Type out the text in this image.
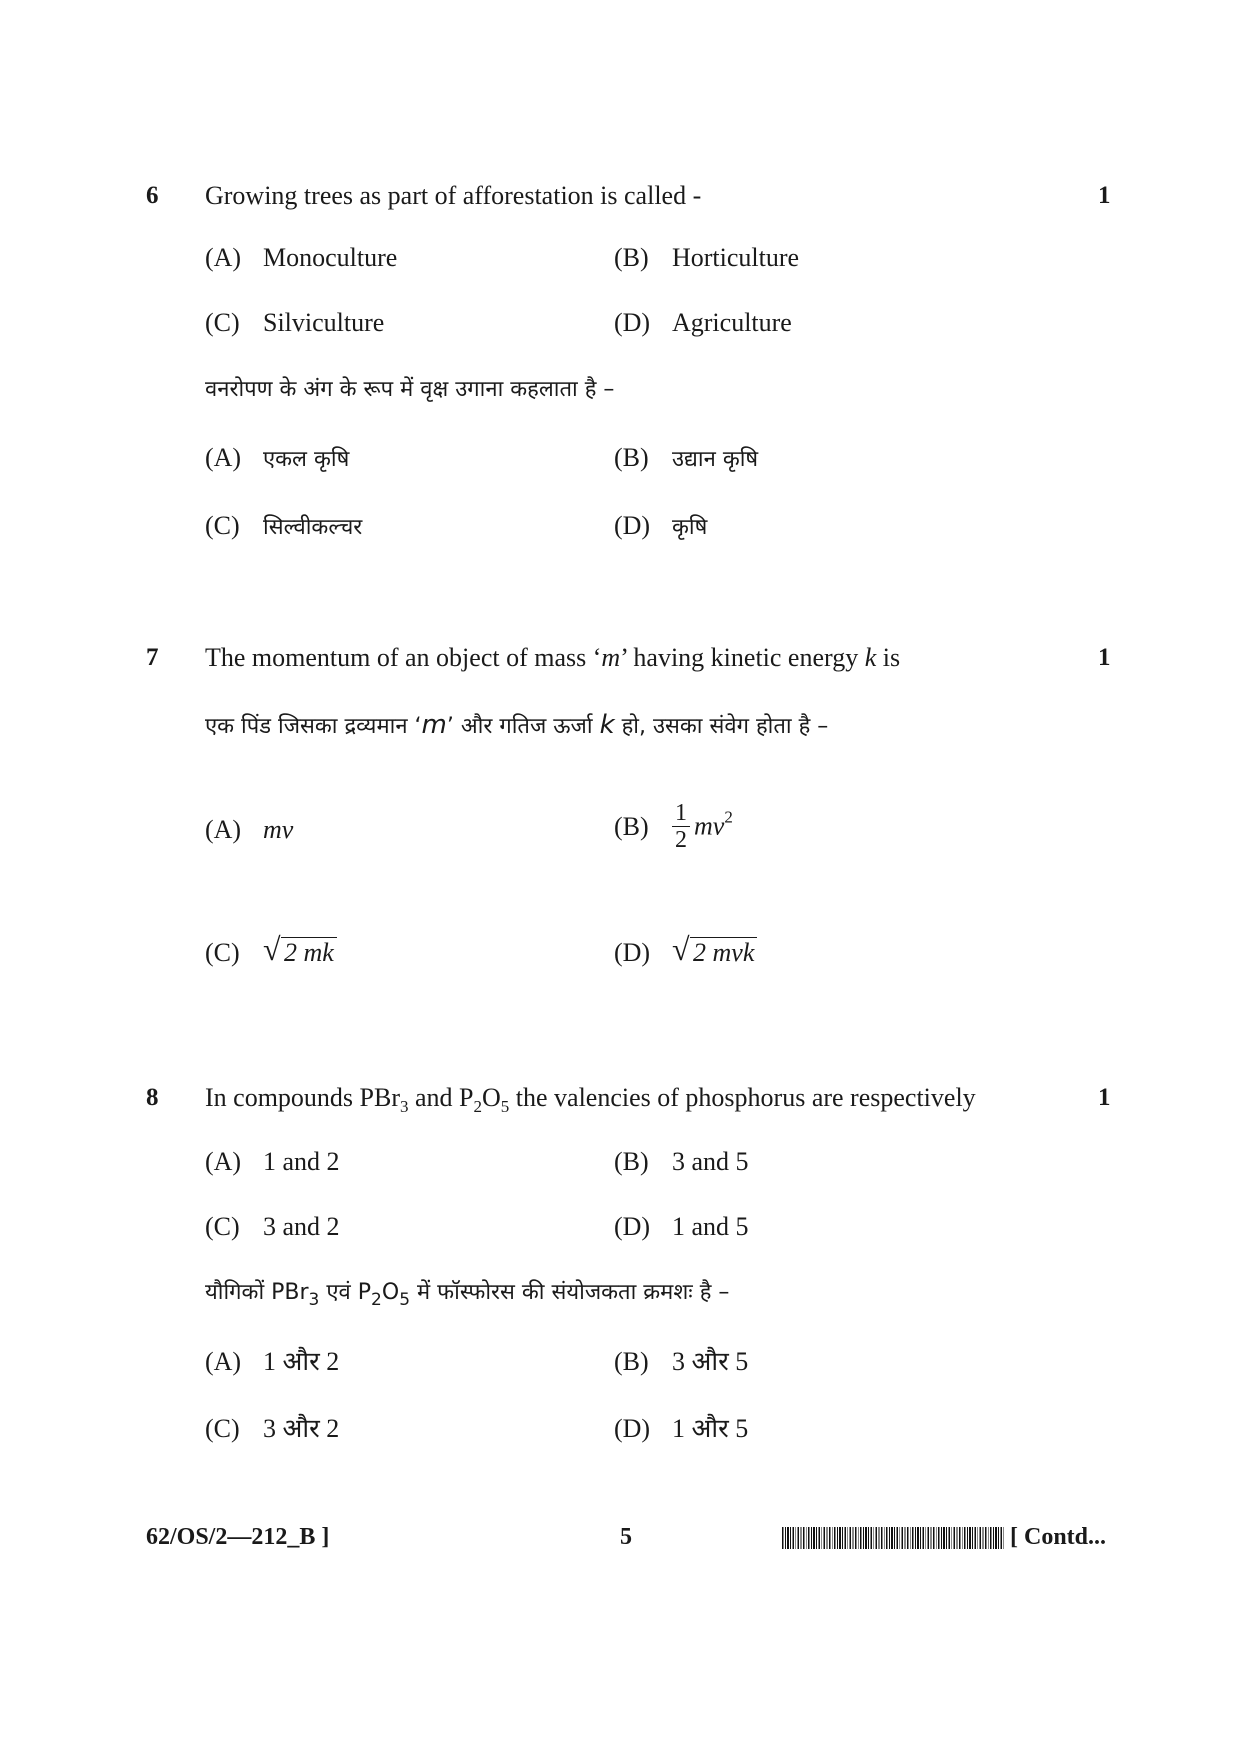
6 Growing trees as part of afforestation is called -	1
(A) Monoculture	(B) Horticulture
(C) Silviculture	(D) Agriculture
वनरोपण के अंग के रूप में वृक्ष उगाना कहलाता है –
(A) एकल कृषि	(B) उद्यान कृषि
(C) सिल्वीकल्चर	(D) कृषि
7 The momentum of an object of mass ‘m’ having kinetic energy k is	1
एक पिंड जिसका द्रव्यमान ‘m’ और गतिज ऊर्जा k हो, उसका संवेग होता है –
(A) mv	$(B) \frac{1}{2} mv^2$
(C) √ 2 mk	(D) √ 2 mvk
8 In compounds PBr$_3$ and $P_2O_5$ the valencies of phosphorus are respectively	1
(A) 1 and 2	(B) 3 and 5
(C) 3 and 2	(D) 1 and 5
यौगिकों PBr$_3$ एवं $P_2O_5$ में फॉस्फोरस की संयोजकता क्रमशः है –
(A) 1 और 2	(B) 3 और 5
(C) 3 और 2	(D) 1 और 5
62/OS/2—212_B ]	5	[ Contd...
